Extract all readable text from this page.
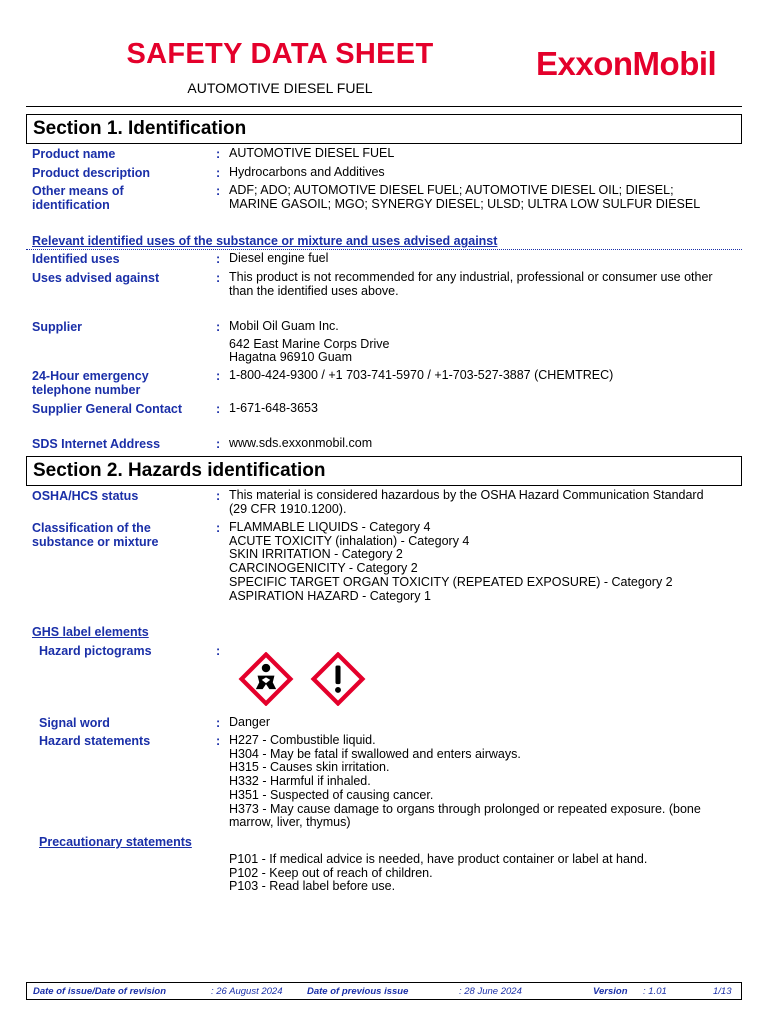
SAFETY DATA SHEET
AUTOMOTIVE DIESEL FUEL
ExxonMobil
Section 1. Identification
Product name	: AUTOMOTIVE DIESEL FUEL
Product description	: Hydrocarbons and Additives
Other means of
identification
: ADF; ADO; AUTOMOTIVE DIESEL FUEL; AUTOMOTIVE DIESEL OIL; DIESEL;
MARINE GASOIL; MGO; SYNERGY DIESEL; ULSD; ULTRA LOW SULFUR DIESEL
Relevant identified uses of the substance or mixture and uses advised against
Identified uses	: Diesel engine fuel
Uses advised against	: This product is not recommended for any industrial, professional or consumer use other
than the identified uses above.
Supplier	: Mobil Oil Guam Inc.
642 East Marine Corps Drive
Hagatna 96910 Guam
24-Hour emergency
telephone number
: 1-800-424-9300 / +1 703-741-5970 / +1-703-527-3887 (CHEMTREC)
Supplier General Contact	: 1-671-648-3653
SDS Internet Address	: www.sds.exxonmobil.com
Section 2. Hazards identification
OSHA/HCS status	: This material is considered hazardous by the OSHA Hazard Communication Standard
(29 CFR 1910.1200).
Classification of the
substance or mixture
: FLAMMABLE LIQUIDS - Category 4
ACUTE TOXICITY (inhalation) - Category 4
SKIN IRRITATION - Category 2
CARCINOGENICITY - Category 2
SPECIFIC TARGET ORGAN TOXICITY (REPEATED EXPOSURE) - Category 2
ASPIRATION HAZARD - Category 1
GHS label elements
Hazard pictograms	:
Signal word	: Danger
Hazard statements	: H227 - Combustible liquid.
H304 - May be fatal if swallowed and enters airways.
H315 - Causes skin irritation.
H332 - Harmful if inhaled.
H351 - Suspected of causing cancer.
H373 - May cause damage to organs through prolonged or repeated exposure. (bone
marrow, liver, thymus)
Precautionary statements
P101 - If medical advice is needed, have product container or label at hand.
P102 - Keep out of reach of children.
P103 - Read label before use.
Date of issue/Date of revision	: 26 August 2024	Date of previous issue	: 28 June 2024	Version : 1.01	1/13
